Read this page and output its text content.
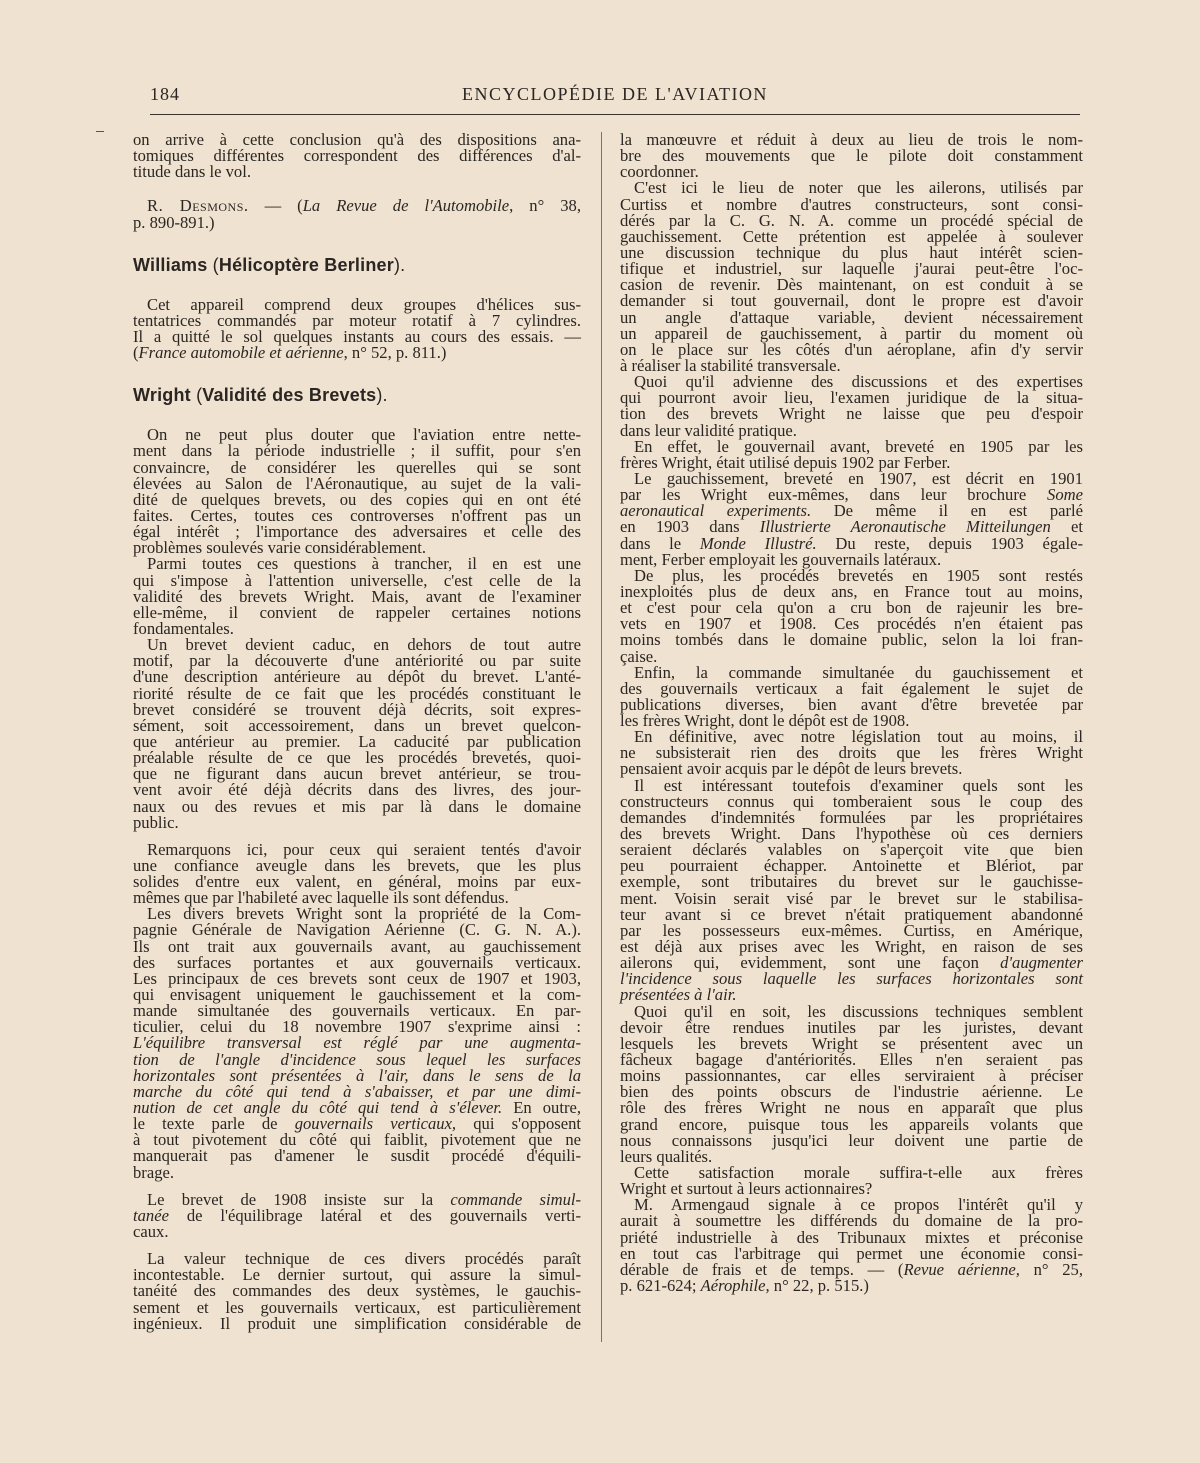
184	ENCYCLOPÉDIE DE L'AVIATION
on arrive à cette conclusion qu'à des dispositions ana-
tomiques différentes correspondent des différences d'al-
titude dans le vol.
R. Desmons. — (La Revue de l'Automobile, n° 38,
p. 890-891.)
Williams (Hélicoptère Berliner).
Cet appareil comprend deux groupes d'hélices sus-
tentatrices commandés par moteur rotatif à 7 cylindres.
Il a quitté le sol quelques instants au cours des essais. —
(France automobile et aérienne, n° 52, p. 811.)
Wright (Validité des Brevets).
On ne peut plus douter que l'aviation entre nette-
ment dans la période industrielle ; il suffit, pour s'en
convaincre, de considérer les querelles qui se sont
élevées au Salon de l'Aéronautique, au sujet de la vali-
dité de quelques brevets, ou des copies qui en ont été
faites. Certes, toutes ces controverses n'offrent pas un
égal intérêt ; l'importance des adversaires et celle des
problèmes soulevés varie considérablement.
Parmi toutes ces questions à trancher, il en est une
qui s'impose à l'attention universelle, c'est celle de la
validité des brevets Wright. Mais, avant de l'examiner
elle-même, il convient de rappeler certaines notions
fondamentales.
Un brevet devient caduc, en dehors de tout autre
motif, par la découverte d'une antériorité ou par suite
d'une description antérieure au dépôt du brevet. L'anté-
riorité résulte de ce fait que les procédés constituant le
brevet considéré se trouvent déjà décrits, soit expres-
sément, soit accessoirement, dans un brevet quelcon-
que antérieur au premier. La caducité par publication
préalable résulte de ce que les procédés brevetés, quoi-
que ne figurant dans aucun brevet antérieur, se trou-
vent avoir été déjà décrits dans des livres, des jour-
naux ou des revues et mis par là dans le domaine
public.
Remarquons ici, pour ceux qui seraient tentés d'avoir
une confiance aveugle dans les brevets, que les plus
solides d'entre eux valent, en général, moins par eux-
mêmes que par l'habileté avec laquelle ils sont défendus.
Les divers brevets Wright sont la propriété de la Com-
pagnie Générale de Navigation Aérienne (C. G. N. A.).
Ils ont trait aux gouvernails avant, au gauchissement
des surfaces portantes et aux gouvernails verticaux.
Les principaux de ces brevets sont ceux de 1907 et 1903,
qui envisagent uniquement le gauchissement et la com-
mande simultanée des gouvernails verticaux. En par-
ticulier, celui du 18 novembre 1907 s'exprime ainsi :
L'équilibre transversal est réglé par une augmenta-
tion de l'angle d'incidence sous lequel les surfaces
horizontales sont présentées à l'air, dans le sens de la
marche du côté qui tend à s'abaisser, et par une dimi-
nution de cet angle du côté qui tend à s'élever. En outre,
le texte parle de gouvernails verticaux, qui s'opposent
à tout pivotement du côté qui faiblit, pivotement que ne
manquerait pas d'amener le susdit procédé d'équili-
brage.
Le brevet de 1908 insiste sur la commande simul-
tanée de l'équilibrage latéral et des gouvernails verti-
caux.
La valeur technique de ces divers procédés paraît
incontestable. Le dernier surtout, qui assure la simul-
tanéité des commandes des deux systèmes, le gauchis-
sement et les gouvernails verticaux, est particulièrement
ingénieux. Il produit une simplification considérable de
la manœuvre et réduit à deux au lieu de trois le nom-
bre des mouvements que le pilote doit constamment
coordonner.
C'est ici le lieu de noter que les ailerons, utilisés par
Curtiss et nombre d'autres constructeurs, sont consi-
dérés par la C. G. N. A. comme un procédé spécial de
gauchissement. Cette prétention est appelée à soulever
une discussion technique du plus haut intérêt scien-
tifique et industriel, sur laquelle j'aurai peut-être l'oc-
casion de revenir. Dès maintenant, on est conduit à se
demander si tout gouvernail, dont le propre est d'avoir
un angle d'attaque variable, devient nécessairement
un appareil de gauchissement, à partir du moment où
on le place sur les côtés d'un aéroplane, afin d'y servir
à réaliser la stabilité transversale.
Quoi qu'il advienne des discussions et des expertises
qui pourront avoir lieu, l'examen juridique de la situa-
tion des brevets Wright ne laisse que peu d'espoir
dans leur validité pratique.
En effet, le gouvernail avant, breveté en 1905 par les
frères Wright, était utilisé depuis 1902 par Ferber.
Le gauchissement, breveté en 1907, est décrit en 1901
par les Wright eux-mêmes, dans leur brochure Some
aeronautical experiments. De même il en est parlé
en 1903 dans Illustrierte Aeronautische Mitteilungen et
dans le Monde Illustré. Du reste, depuis 1903 égale-
ment, Ferber employait les gouvernails latéraux.
De plus, les procédés brevetés en 1905 sont restés
inexploités plus de deux ans, en France tout au moins,
et c'est pour cela qu'on a cru bon de rajeunir les bre-
vets en 1907 et 1908. Ces procédés n'en étaient pas
moins tombés dans le domaine public, selon la loi fran-
çaise.
Enfin, la commande simultanée du gauchissement et
des gouvernails verticaux a fait également le sujet de
publications diverses, bien avant d'être brevetée par
les frères Wright, dont le dépôt est de 1908.
En définitive, avec notre législation tout au moins, il
ne subsisterait rien des droits que les frères Wright
pensaient avoir acquis par le dépôt de leurs brevets.
Il est intéressant toutefois d'examiner quels sont les
constructeurs connus qui tomberaient sous le coup des
demandes d'indemnités formulées par les propriétaires
des brevets Wright. Dans l'hypothèse où ces derniers
seraient déclarés valables on s'aperçoit vite que bien
peu pourraient échapper. Antoinette et Blériot, par
exemple, sont tributaires du brevet sur le gauchisse-
ment. Voisin serait visé par le brevet sur le stabilisa-
teur avant si ce brevet n'était pratiquement abandonné
par les possesseurs eux-mêmes. Curtiss, en Amérique,
est déjà aux prises avec les Wright, en raison de ses
ailerons qui, evidemment, sont une façon d'augmenter
l'incidence sous laquelle les surfaces horizontales sont
présentées à l'air.
Quoi qu'il en soit, les discussions techniques semblent
devoir être rendues inutiles par les juristes, devant
lesquels les brevets Wright se présentent avec un
fâcheux bagage d'antériorités. Elles n'en seraient pas
moins passionnantes, car elles serviraient à préciser
bien des points obscurs de l'industrie aérienne. Le
rôle des frères Wright ne nous en apparaît que plus
grand encore, puisque tous les appareils volants que
nous connaissons jusqu'ici leur doivent une partie de
leurs qualités.
Cette satisfaction morale suffira-t-elle aux frères
Wright et surtout à leurs actionnaires?
M. Armengaud signale à ce propos l'intérêt qu'il y
aurait à soumettre les différends du domaine de la pro-
priété industrielle à des Tribunaux mixtes et préconise
en tout cas l'arbitrage qui permet une économie consi-
dérable de frais et de temps. — (Revue aérienne, n° 25,
p. 621-624; Aérophile, n° 22, p. 515.)
